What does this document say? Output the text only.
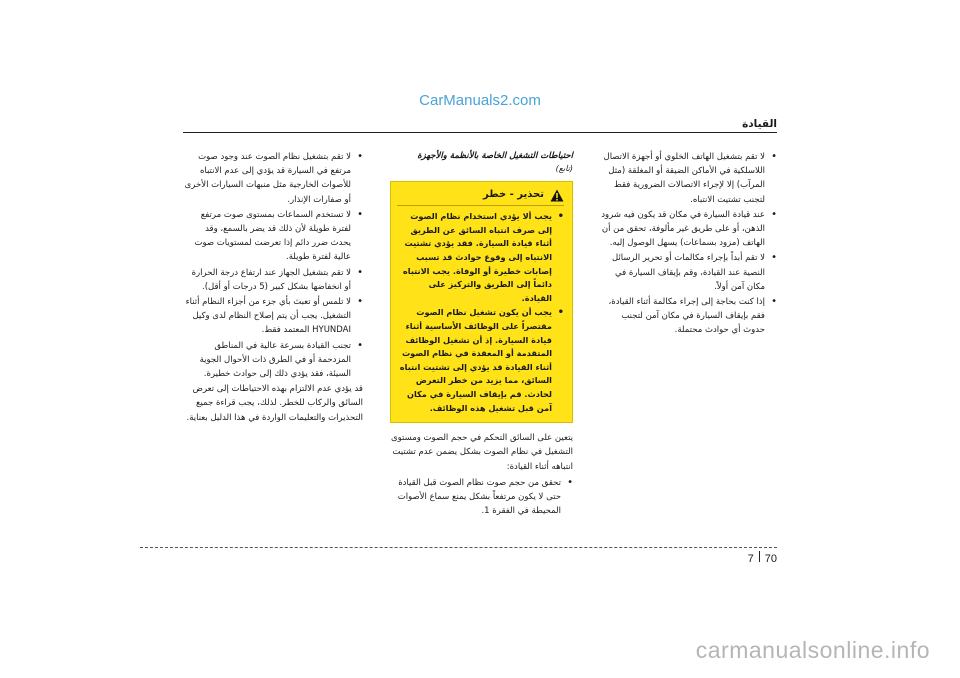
CarManuals2.com
القيادة
• لا تقم بتشغيل الهاتف الخلوي أو أجهزة الاتصال اللاسلكية في الأماكن الضيقة أو المغلقة (مثل المرآب) إلا لإجراء الاتصالات الضرورية فقط لتجنب تشتيت الانتباه.
• عند قيادة السيارة في مكان قد يكون فيه شرود الذهن، أو على طريق غير مألوفة، تحقق من أن الهاتف (مزود بسماعات) يسهل الوصول إليه.
• لا تقم أبداً بإجراء مكالمات أو تحرير الرسائل النصية عند القيادة، وقم بإيقاف السيارة في مكان آمن أولاً.
• إذا كنت بحاجة إلى إجراء مكالمة أثناء القيادة، فقم بإيقاف السيارة في مكان آمن لتجنب حدوث أي حوادث محتملة.
احتياطات التشغيل الخاصة بالأنظمة والأجهزة
(تابع)
تحذير - خطر
• يجب ألا يؤدي استخدام نظام الصوت إلى صرف انتباه السائق عن الطريق أثناء قيادة السيارة. فقد يؤدي تشتيت الانتباه إلى وقوع حوادث قد تسبب إصابات خطيرة أو الوفاة. يجب الانتباه دائماً إلى الطريق والتركيز على القيادة.
• يجب أن يكون تشغيل نظام الصوت مقتصراً على الوظائف الأساسية أثناء قيادة السيارة. إذ أن تشغيل الوظائف المتقدمة أو المعقدة في نظام الصوت أثناء القيادة قد يؤدي إلى تشتيت انتباه السائق، مما يزيد من خطر التعرض لحادث. قم بإيقاف السيارة في مكان آمن قبل تشغيل هذه الوظائف.

يتعين على السائق التحكم في حجم الصوت ومستوى التشغيل في نظام الصوت بشكل يضمن عدم تشتيت انتباهه أثناء القيادة:

• تحقق من حجم صوت نظام الصوت قبل القيادة حتى لا يكون مرتفعاً بشكل يمنع سماع الأصوات المحيطة في الفقرة 1.
• لا تقم بتشغيل نظام الصوت عند وجود صوت مرتفع في السيارة قد يؤدي إلى عدم الانتباه للأصوات الخارجية مثل منبهات السيارات الأخرى أو صفارات الإنذار.
• لا تستخدم السماعات بمستوى صوت مرتفع لفترة طويلة لأن ذلك قد يضر بالسمع، وقد يحدث ضرر دائم إذا تعرضت لمستويات صوت عالية لفترة طويلة.
• لا تقم بتشغيل الجهاز عند ارتفاع درجة الحرارة أو انخفاضها بشكل كبير (5 درجات أو أقل).
• لا تلمس أو تعبث بأي جزء من أجزاء النظام أثناء التشغيل. يجب أن يتم إصلاح النظام لدى وكيل HYUNDAI المعتمد فقط.
• تجنب القيادة بسرعة عالية في المناطق المزدحمة أو في الطرق ذات الأحوال الجوية السيئة، فقد يؤدي ذلك إلى حوادث خطيرة.

قد يؤدي عدم الالتزام بهذه الاحتياطات إلى تعرض السائق والركاب للخطر. لذلك، يجب قراءة جميع التحذيرات والتعليمات الواردة في هذا الدليل بعناية.

7 70
carmanualsonline.info
